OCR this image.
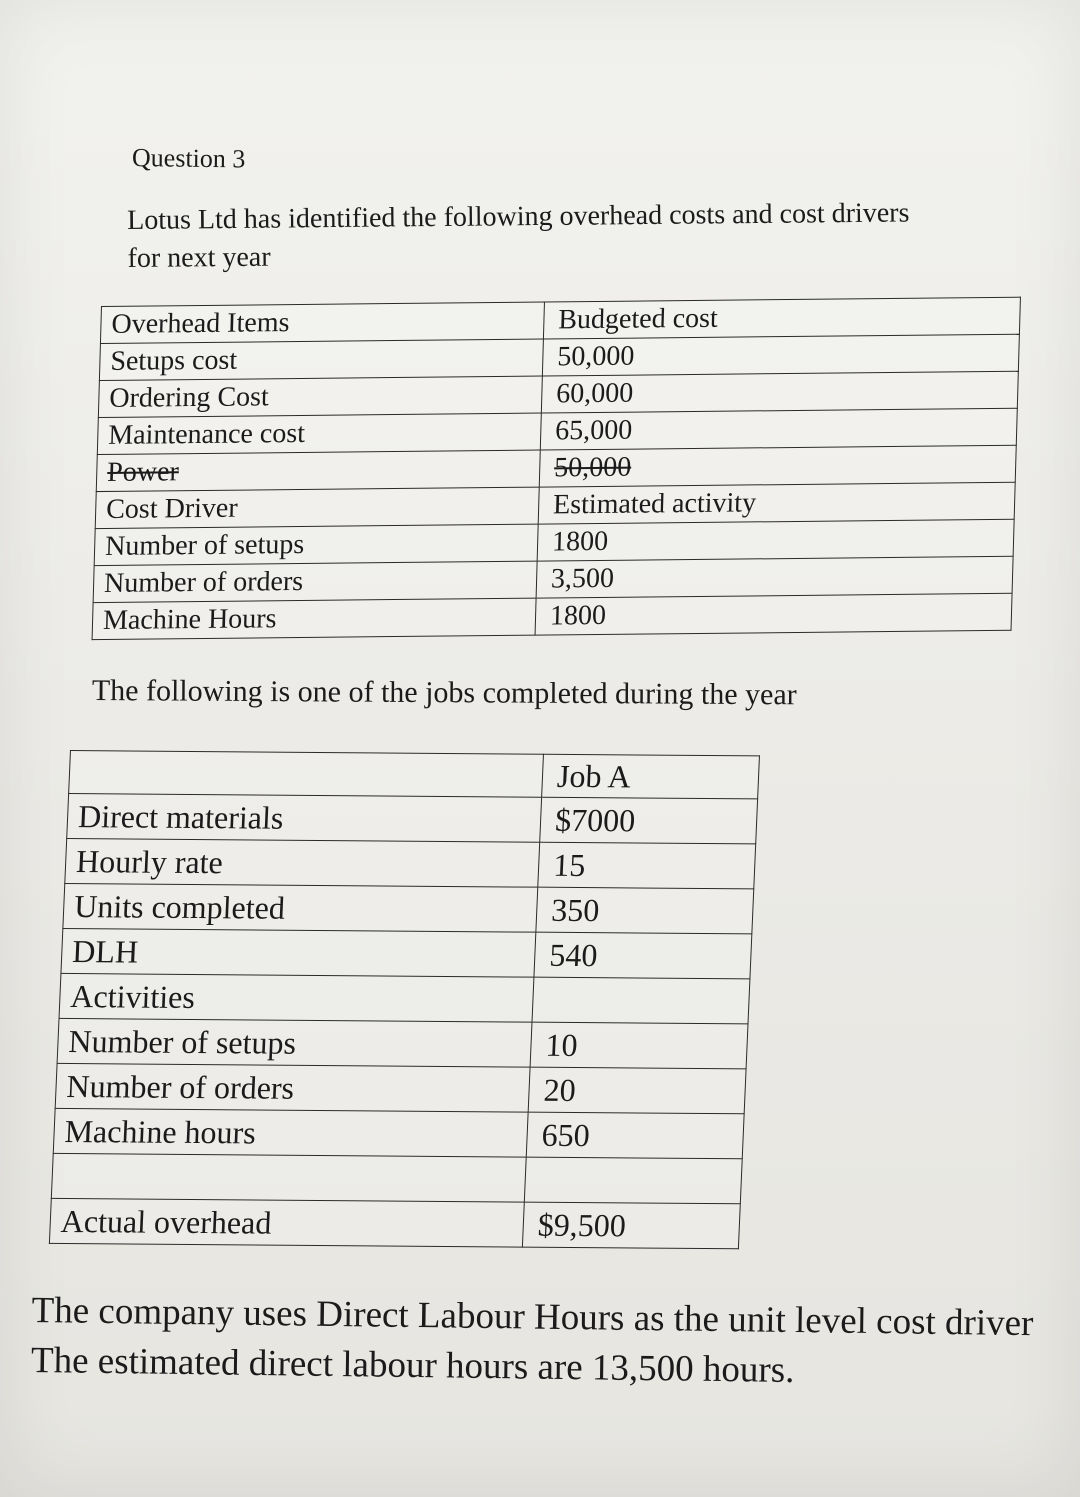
Question 3
Lotus Ltd has identified the following overhead costs and cost drivers
for next year
Overhead Items	Budgeted cost
Setups cost	50,000
Ordering Cost	60,000
Maintenance cost	65,000
Power	50,000
Cost Driver	Estimated activity
Number of setups	1800
Number of orders	3,500
Machine Hours	1800
The following is one of the jobs completed during the year
	Job A
Direct materials	$7000
Hourly rate	15
Units completed	350
DLH	540
Activities	
Number of setups	10
Number of orders	20
Machine hours	650

Actual overhead	$9,500
The company uses Direct Labour Hours as the unit level cost driver
The estimated direct labour hours are 13,500 hours.
